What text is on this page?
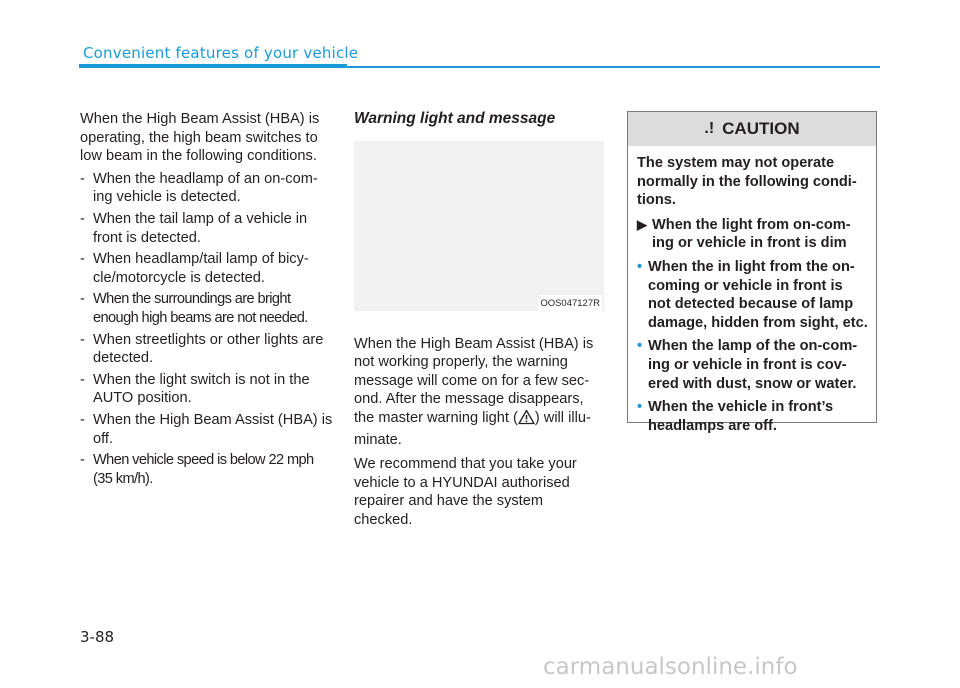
Convenient features of your vehicle

When the High Beam Assist (HBA) is operating, the high beam switches to low beam in the following conditions.

- When the headlamp of an on-com-ing vehicle is detected.
- When the tail lamp of a vehicle in front is detected.
- When headlamp/tail lamp of bicy-cle/motorcycle is detected.
- When the surroundings are bright enough high beams are not needed.
- When streetlights or other lights are detected.
- When the light switch is not in the AUTO position.
- When the High Beam Assist (HBA) is off.
- When vehicle speed is below 22 mph (35 km/h).
Warning light and message
OOS047127R

When the High Beam Assist (HBA) is not working properly, the warning message will come on for a few sec-ond. After the message disappears, the master warning light ( ) will illu-minate.

We recommend that you take your vehicle to a HYUNDAI authorised repairer and have the system checked.

.! CAUTION

The system may not operate normally in the following condi-tions.

▶ When the light from on-com-ing or vehicle in front is dim
• When the in light from the on-coming or vehicle in front is not detected because of lamp damage, hidden from sight, etc.
• When the lamp of the on-com-ing or vehicle in front is cov-ered with dust, snow or water.
• When the vehicle in front’s headlamps are off.
3-88
carmanualsonline.info
